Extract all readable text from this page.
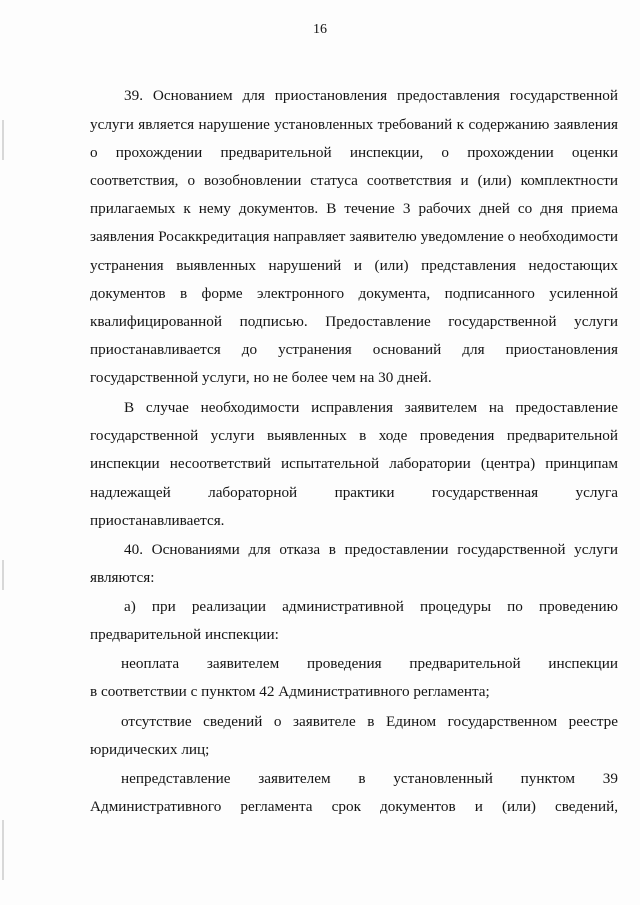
16
39. Основанием для приостановления предоставления государственной
услуги является нарушение установленных требований к содержанию заявления
о прохождении предварительной инспекции, о прохождении оценки
соответствия, о возобновлении статуса соответствия и (или) комплектности
прилагаемых к нему документов. В течение 3 рабочих дней со дня приема
заявления Росаккредитация направляет заявителю уведомление о необходимости
устранения выявленных нарушений и (или) представления недостающих
документов в форме электронного документа, подписанного усиленной
квалифицированной подписью. Предоставление государственной услуги
приостанавливается до устранения оснований для приостановления
государственной услуги, но не более чем на 30 дней.
В случае необходимости исправления заявителем на предоставление
государственной услуги выявленных в ходе проведения предварительной
инспекции несоответствий испытательной лаборатории (центра) принципам
надлежащей лабораторной практики государственная услуга
приостанавливается.
40. Основаниями для отказа в предоставлении государственной услуги
являются:
а) при реализации административной процедуры по проведению
предварительной инспекции:
неоплата заявителем проведения предварительной инспекции
в соответствии с пунктом 42 Административного регламента;
отсутствие сведений о заявителе в Едином государственном реестре
юридических лиц;
непредставление заявителем в установленный пунктом 39
Административного регламента срок документов и (или) сведений,
